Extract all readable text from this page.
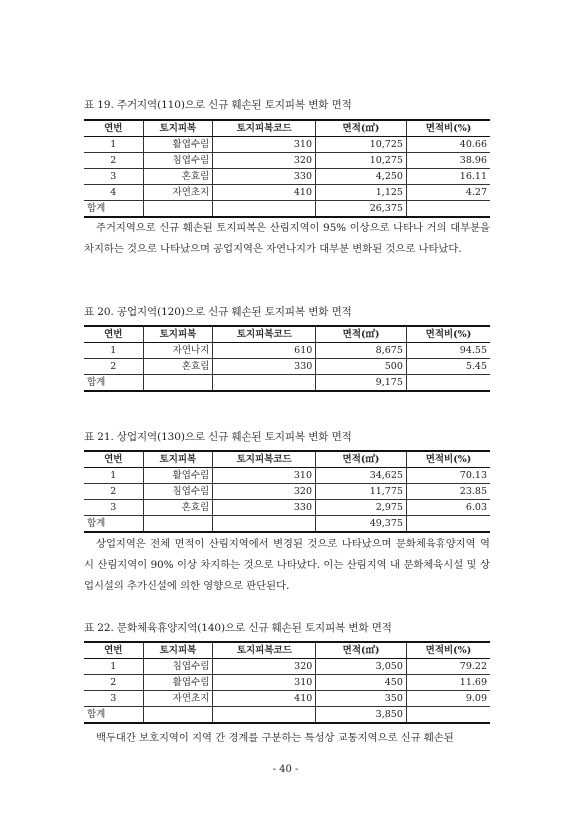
표 19. 주거지역(110)으로 신규 훼손된 토지피복 변화 면적
연번	토지피복	토지피복코드	면적(㎡)	면적비(%)
1	활엽수림	310	10,725	40.66
2	침엽수림	320	10,275	38.96
3	혼효림	330	4,250	16.11
4	자연초지	410	1,125	4.27
합계			26,375	
주거지역으로 신규 훼손된 토지피복은 산림지역이 95% 이상으로 나타나 거의 대부분을 차지하는 것으로 나타났으며 공업지역은 자연나지가 대부분 변화된 것으로 나타났다.
표 20. 공업지역(120)으로 신규 훼손된 토지피복 변화 면적
연번	토지피복	토지피복코드	면적(㎡)	면적비(%)
1	자연나지	610	8,675	94.55
2	혼효림	330	500	5.45
합계			9,175	
표 21. 상업지역(130)으로 신규 훼손된 토지피복 변화 면적
연번	토지피복	토지피복코드	면적(㎡)	면적비(%)
1	활엽수림	310	34,625	70.13
2	침엽수림	320	11,775	23.85
3	혼효림	330	2,975	6.03
합계			49,375	
상업지역은 전체 면적이 산림지역에서 변경된 것으로 나타났으며 문화체육휴양지역 역시 산림지역이 90% 이상 차지하는 것으로 나타났다. 이는 산림지역 내 문화체육시설 및 상업시설의 추가신설에 의한 영향으로 판단된다.
표 22. 문화체육휴양지역(140)으로 신규 훼손된 토지피복 변화 면적
연번	토지피복	토지피복코드	면적(㎡)	면적비(%)
1	침엽수림	320	3,050	79.22
2	활엽수림	310	450	11.69
3	자연초지	410	350	9.09
합계			3,850	
백두대간 보호지역이 지역 간 경계를 구분하는 특성상 교통지역으로 신규 훼손된
- 40 -
